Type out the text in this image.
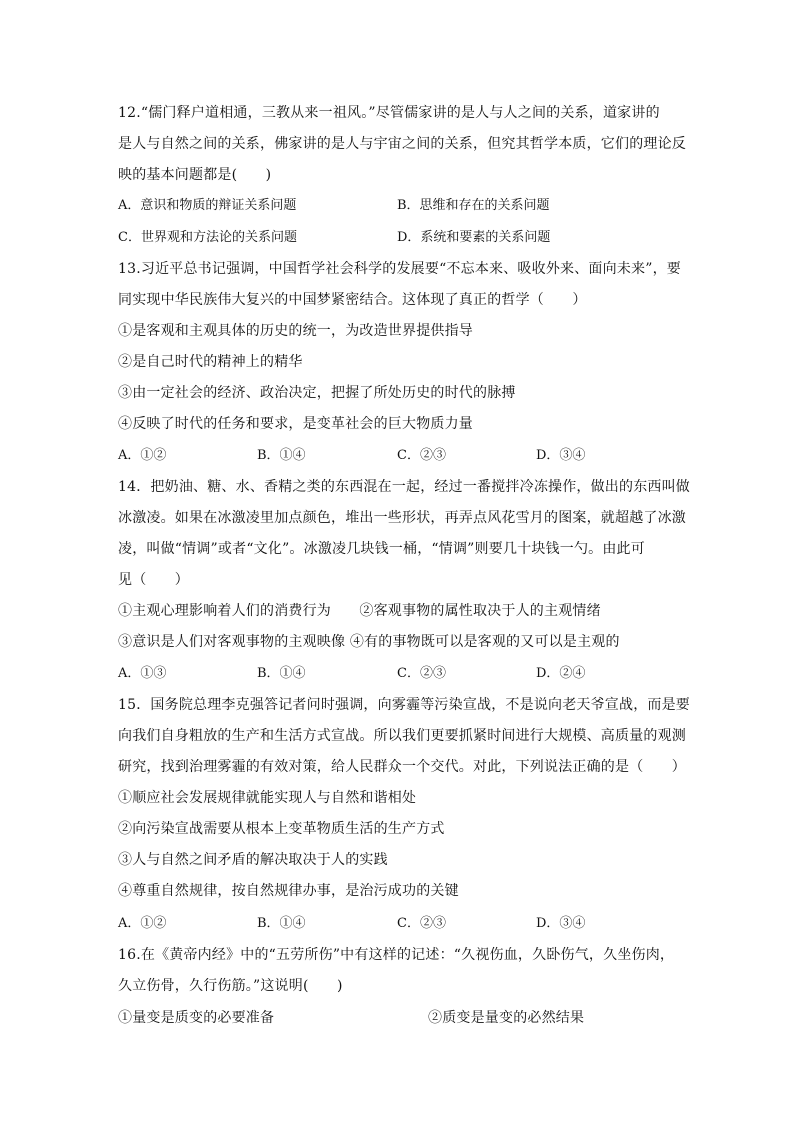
12.“儒门释户道相通，三教从来一祖风。”尽管儒家讲的是人与人之间的关系，道家讲的
是人与自然之间的关系，佛家讲的是人与宇宙之间的关系，但究其哲学本质，它们的理论反
映的基本问题都是(　　)
A．意识和物质的辩证关系问题	B．思维和存在的关系问题
C．世界观和方法论的关系问题	D．系统和要素的关系问题
13.习近平总书记强调，中国哲学社会科学的发展要“不忘本来、吸收外来、面向未来”，要
同实现中华民族伟大复兴的中国梦紧密结合。这体现了真正的哲学（　　）
①是客观和主观具体的历史的统一，为改造世界提供指导
②是自己时代的精神上的精华
③由一定社会的经济、政治决定，把握了所处历史的时代的脉搏
④反映了时代的任务和要求，是变革社会的巨大物质力量
A．①②	B．①④	C．②③	D．③④
14．把奶油、糖、水、香精之类的东西混在一起，经过一番搅拌冷冻操作，做出的东西叫做
冰激凌。如果在冰激凌里加点颜色，堆出一些形状，再弄点风花雪月的图案，就超越了冰激
凌，叫做“情调”或者“文化”。冰激凌几块钱一桶，“情调”则要几十块钱一勺。由此可
见（　　）
①主观心理影响着人们的消费行为　　②客观事物的属性取决于人的主观情绪
③意识是人们对客观事物的主观映像 ④有的事物既可以是客观的又可以是主观的
A．①③	B．①④	C．②③	D．②④
15．国务院总理李克强答记者问时强调，向雾霾等污染宣战，不是说向老天爷宣战，而是要
向我们自身粗放的生产和生活方式宣战。所以我们更要抓紧时间进行大规模、高质量的观测
研究，找到治理雾霾的有效对策，给人民群众一个交代。对此，下列说法正确的是（　　）
①顺应社会发展规律就能实现人与自然和谐相处
②向污染宣战需要从根本上变革物质生活的生产方式
③人与自然之间矛盾的解决取决于人的实践
④尊重自然规律，按自然规律办事，是治污成功的关键
A．①②	B．①④	C．②③	D．③④
16.在《黄帝内经》中的“五劳所伤”中有这样的记述：“久视伤血，久卧伤气，久坐伤肉，
久立伤骨，久行伤筋。”这说明(　　)
①量变是质变的必要准备	②质变是量变的必然结果
